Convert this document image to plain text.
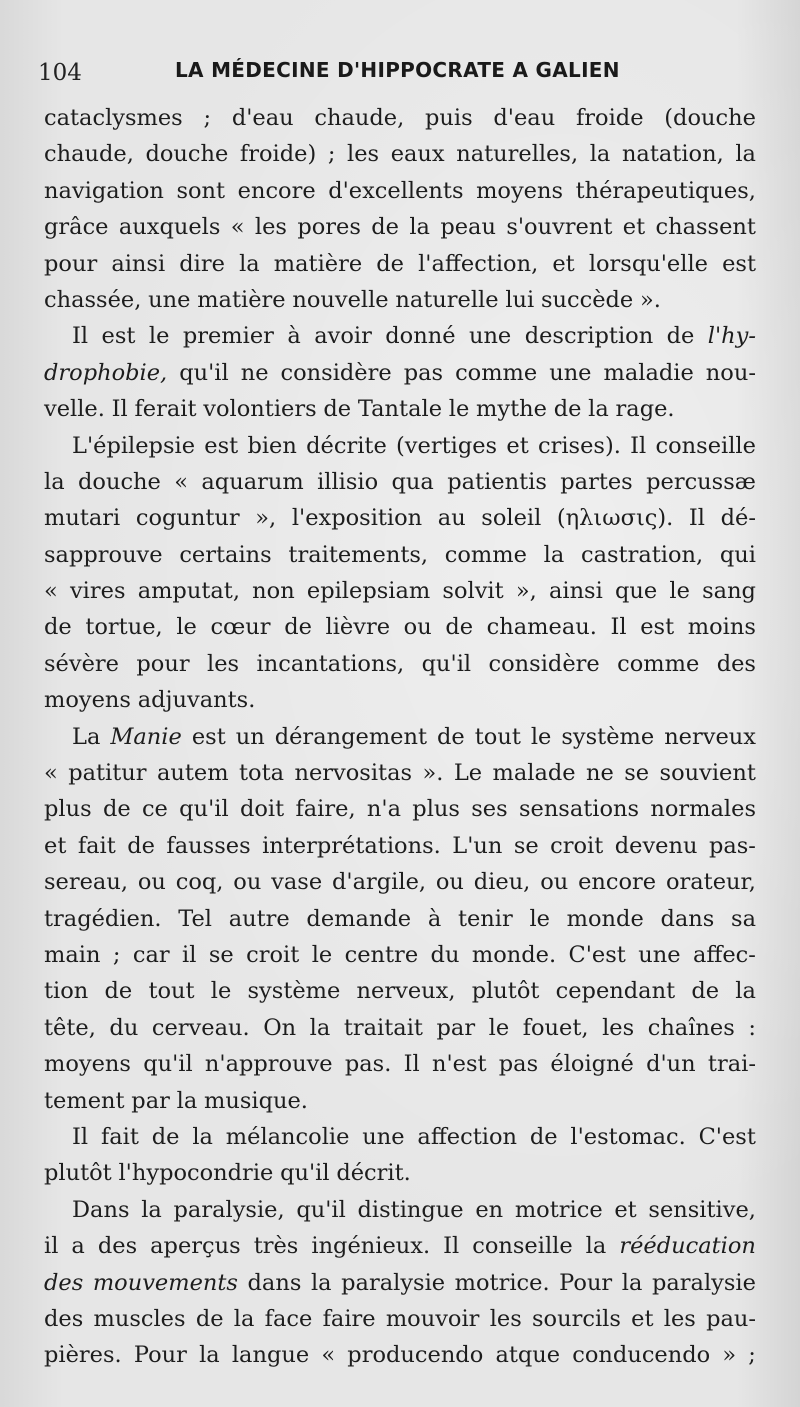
104	LA MÉDECINE D'HIPPOCRATE A GALIEN
cataclysmes ; d'eau chaude, puis d'eau froide (douche
chaude, douche froide) ; les eaux naturelles, la natation, la
navigation sont encore d'excellents moyens thérapeutiques,
grâce auxquels « les pores de la peau s'ouvrent et chassent
pour ainsi dire la matière de l'affection, et lorsqu'elle est
chassée, une matière nouvelle naturelle lui succède ».
Il est le premier à avoir donné une description de l'hy-
drophobie, qu'il ne considère pas comme une maladie nou-
velle. Il ferait volontiers de Tantale le mythe de la rage.
L'épilepsie est bien décrite (vertiges et crises). Il conseille
la douche « aquarum illisio qua patientis partes percussæ
mutari coguntur », l'exposition au soleil (ηλιωσις). Il dé-
sapprouve certains traitements, comme la castration, qui
« vires amputat, non epilepsiam solvit », ainsi que le sang
de tortue, le cœur de lièvre ou de chameau. Il est moins
sévère pour les incantations, qu'il considère comme des
moyens adjuvants.
La Manie est un dérangement de tout le système nerveux
« patitur autem tota nervositas ». Le malade ne se souvient
plus de ce qu'il doit faire, n'a plus ses sensations normales
et fait de fausses interprétations. L'un se croit devenu pas-
sereau, ou coq, ou vase d'argile, ou dieu, ou encore orateur,
tragédien. Tel autre demande à tenir le monde dans sa
main ; car il se croit le centre du monde. C'est une affec-
tion de tout le système nerveux, plutôt cependant de la
tête, du cerveau. On la traitait par le fouet, les chaînes :
moyens qu'il n'approuve pas. Il n'est pas éloigné d'un trai-
tement par la musique.
Il fait de la mélancolie une affection de l'estomac. C'est
plutôt l'hypocondrie qu'il décrit.
Dans la paralysie, qu'il distingue en motrice et sensitive,
il a des aperçus très ingénieux. Il conseille la rééducation
des mouvements dans la paralysie motrice. Pour la paralysie
des muscles de la face faire mouvoir les sourcils et les pau-
pières. Pour la langue « producendo atque conducendo » ;
